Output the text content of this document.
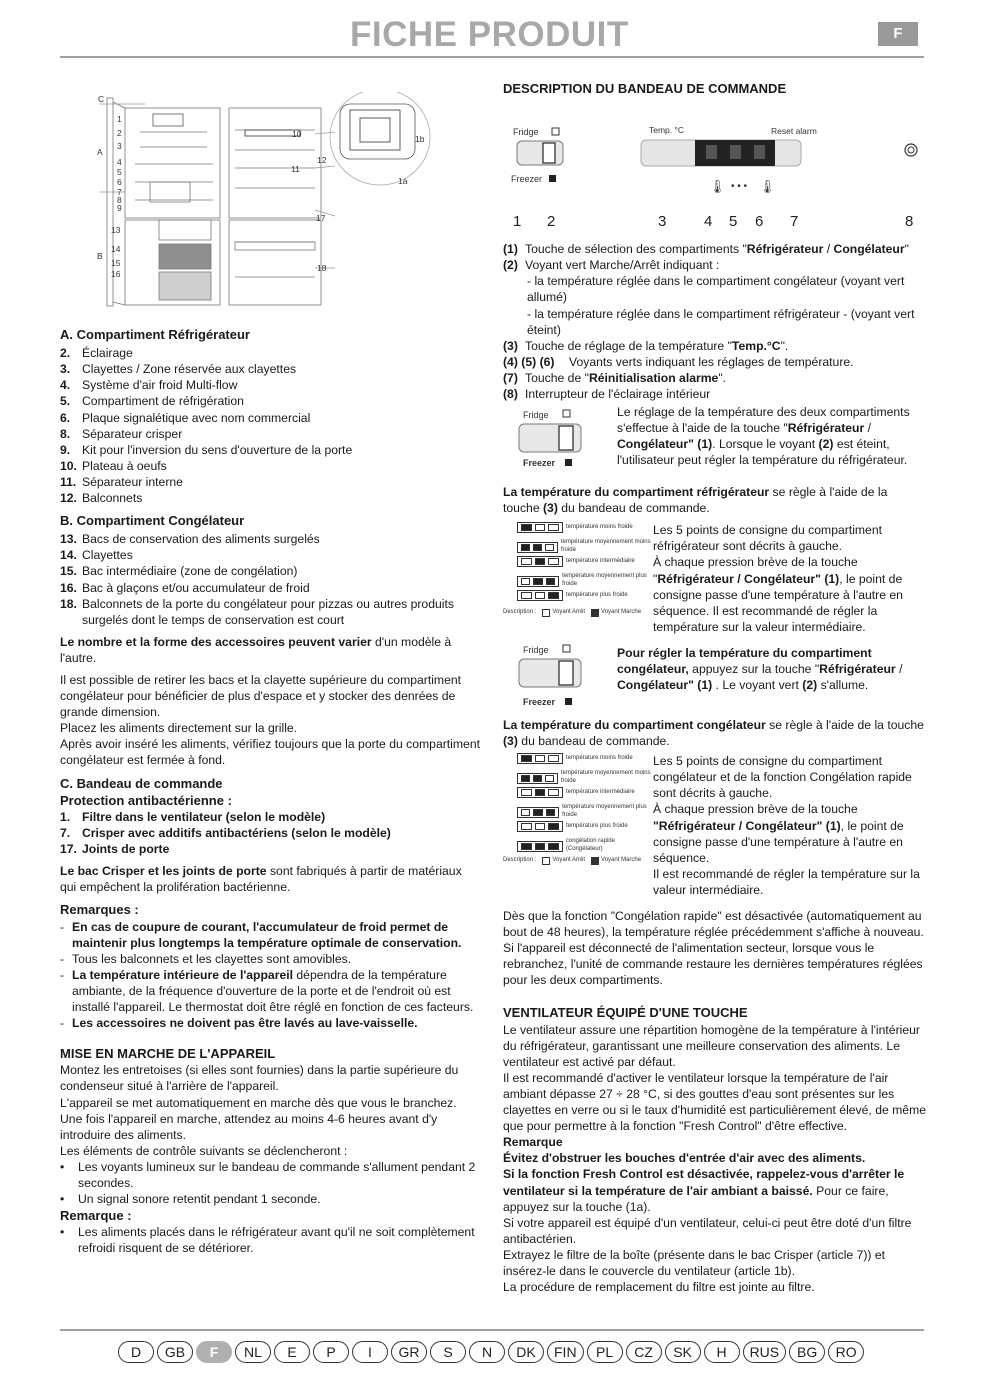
FICHE PRODUIT	F
C
A
B
1
2
3
4
5
6
7
8
9
10
11
12
13
14
15
16
17
18
1a
1b
A. Compartiment Réfrigérateur
2. Éclairage
3. Clayettes / Zone réservée aux clayettes
4. Système d'air froid Multi-flow
5. Compartiment de réfrigération
6. Plaque signalétique avec nom commercial
8. Séparateur crisper
9. Kit pour l'inversion du sens d'ouverture de la porte
10. Plateau à oeufs
11. Séparateur interne
12. Balconnets
B. Compartiment Congélateur
13. Bacs de conservation des aliments surgelés
14. Clayettes
15. Bac intermédiaire (zone de congélation)
16. Bac à glaçons et/ou accumulateur de froid
18. Balconnets de la porte du congélateur pour pizzas ou autres produits surgelés dont le temps de conservation est court

Le nombre et la forme des accessoires peuvent varier d'un modèle à l'autre.

Il est possible de retirer les bacs et la clayette supérieure du compartiment congélateur pour bénéficier de plus d'espace et y stocker des denrées de grande dimension.

Placez les aliments directement sur la grille.

Après avoir inséré les aliments, vérifiez toujours que la porte du compartiment congélateur est fermée à fond.

C. Bandeau de commande
Protection antibactérienne :
1. Filtre dans le ventilateur (selon le modèle)
7. Crisper avec additifs antibactériens (selon le modèle)
17. Joints de porte

Le bac Crisper et les joints de porte sont fabriqués à partir de matériaux qui empêchent la prolifération bactérienne.

Remarques :
- En cas de coupure de courant, l'accumulateur de froid permet de maintenir plus longtemps la température optimale de conservation.
- Tous les balconnets et les clayettes sont amovibles.
- La température intérieure de l'appareil dépendra de la température ambiante, de la fréquence d'ouverture de la porte et de l'endroit où est installé l'appareil. Le thermostat doit être réglé en fonction de ces facteurs.
- Les accessoires ne doivent pas être lavés au lave-vaisselle.
MISE EN MARCHE DE L'APPAREIL
Montez les entretoises (si elles sont fournies) dans la partie supérieure du condenseur situé à l'arrière de l'appareil.
L'appareil se met automatiquement en marche dès que vous le branchez.
Une fois l'appareil en marche, attendez au moins 4-6 heures avant d'y introduire des aliments.
Les éléments de contrôle suivants se déclencheront :
•	Les voyants lumineux sur le bandeau de commande s'allument pendant 2 secondes.
•	Un signal sonore retentit pendant 1 seconde.
Remarque :
•	Les aliments placés dans le réfrigérateur avant qu'il ne soit complètement refroidi risquent de se détériorer.
DESCRIPTION DU BANDEAU DE COMMANDE
Fridge
Freezer
Temp. °C	Reset alarm
🌡 • • • 🌡
1 2	3	4 5 6 7	8
(1) Touche de sélection des compartiments "Réfrigérateur / Congélateur"
(2) Voyant vert Marche/Arrêt indiquant :
- la température réglée dans le compartiment congélateur (voyant vert allumé)
- la température réglée dans le compartiment réfrigérateur - (voyant vert éteint)
(3) Touche de réglage de la température "Temp.°C".
(4) (5) (6)	Voyants verts indiquant les réglages de température.
(7) Touche de "Réinitialisation alarme".
(8) Interrupteur de l'éclairage intérieur
Fridge
Freezer
Le réglage de la température des deux compartiments s'effectue à l'aide de la touche "Réfrigérateur / Congélateur" (1). Lorsque le voyant (2) est éteint, l'utilisateur peut régler la température du réfrigérateur.

La température du compartiment réfrigérateur se règle à l'aide de la touche (3) du bandeau de commande.

température moins froide
température moyennement moins froide
température intermédiaire
température moyennement plus froide
température plus froide
Description :	Voyant Arrêt	Voyant Marche
Les 5 points de consigne du compartiment réfrigérateur sont décrits à gauche.
À chaque pression brève de la touche "Réfrigérateur / Congélateur" (1), le point de consigne passe d'une température à l'autre en séquence. Il est recommandé de régler la température sur la valeur intermédiaire.
Fridge
Freezer
Pour régler la température du compartiment congélateur, appuyez sur la touche "Réfrigérateur / Congélateur" (1) . Le voyant vert (2) s'allume.

La température du compartiment congélateur se règle à l'aide de la touche (3) du bandeau de commande.

température moins froide
température moyennement moins froide
température intermédiaire
température moyennement plus froide
température plus froide
congélation rapide (Congélateur)
Description :	Voyant Arrêt	Voyant Marche
Les 5 points de consigne du compartiment congélateur et de la fonction Congélation rapide sont décrits à gauche.
À chaque pression brève de la touche "Réfrigérateur / Congélateur" (1), le point de consigne passe d'une température à l'autre en séquence.
Il est recommandé de régler la température sur la valeur intermédiaire.

Dès que la fonction "Congélation rapide" est désactivée (automatiquement au bout de 48 heures), la température réglée précédemment s'affiche à nouveau. Si l'appareil est déconnecté de l'alimentation secteur, lorsque vous le rebranchez, l'unité de commande restaure les dernières températures réglées pour les deux compartiments.

VENTILATEUR ÉQUIPÉ D'UNE TOUCHE
Le ventilateur assure une répartition homogène de la température à l'intérieur du réfrigérateur, garantissant une meilleure conservation des aliments. Le ventilateur est activé par défaut.
Il est recommandé d'activer le ventilateur lorsque la température de l'air ambiant dépasse 27 ÷ 28 °C, si des gouttes d'eau sont présentes sur les clayettes en verre ou si le taux d'humidité est particulièrement élevé, de même que pour permettre à la fonction "Fresh Control" d'être effective.
Remarque
Évitez d'obstruer les bouches d'entrée d'air avec des aliments.
Si la fonction Fresh Control est désactivée, rappelez-vous d'arrêter le ventilateur si la température de l'air ambiant a baissé. Pour ce faire, appuyez sur la touche (1a).
Si votre appareil est équipé d'un ventilateur, celui-ci peut être doté d'un filtre antibactérien.
Extrayez le filtre de la boîte (présente dans le bac Crisper (article 7)) et insérez-le dans le couvercle du ventilateur (article 1b).
La procédure de remplacement du filtre est jointe au filtre.
D	GB	F	NL	E	P	I	GR	S	N	DK	FIN	PL	CZ	SK	H	RUS	BG	RO
